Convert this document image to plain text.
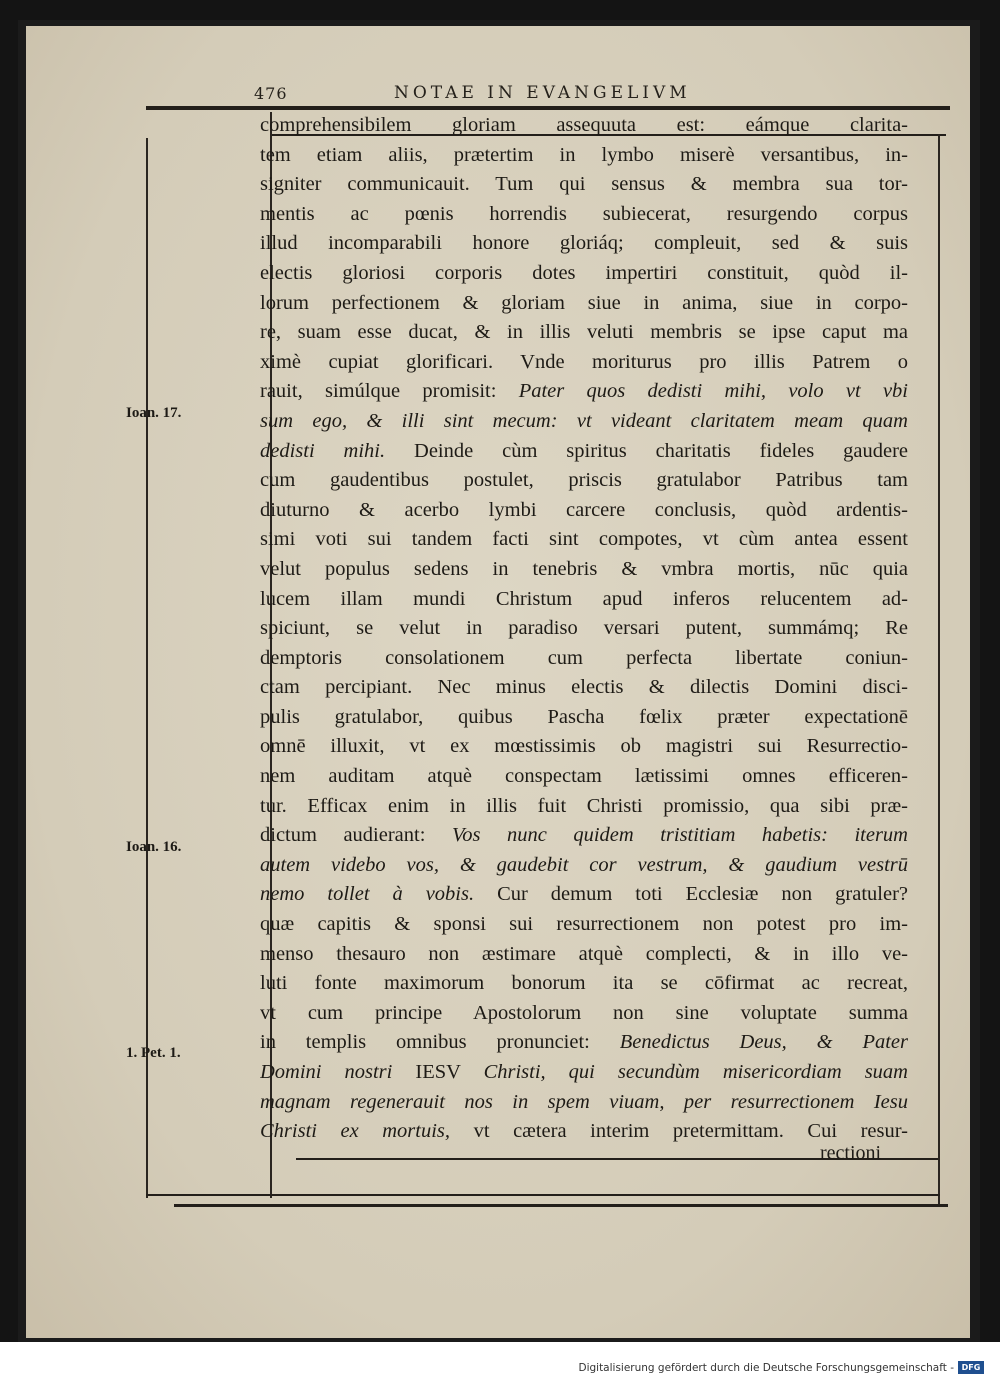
476	NOTAE IN EVANGELIVM
comprehensibilem gloriam assequuta est: eámque clarita-
tem etiam aliis, prætertim in lymbo miserè versantibus, in-
signiter communicauit. Tum qui sensus & membra sua tor-
mentis ac pœnis horrendis subiecerat, resurgendo corpus
illud incomparabili honore gloriáq; compleuit, sed & suis
electis gloriosi corporis dotes impertiri constituit, quòd il-
lorum perfectionem & gloriam siue in anima, siue in corpo-
re, suam esse ducat, & in illis veluti membris se ipse caput ma
ximè cupiat glorificari. Vnde moriturus pro illis Patrem o
rauit, simúlque promisit: Pater quos dedisti mihi, volo vt vbi
sum ego, & illi sint mecum: vt videant claritatem meam quam
dedisti mihi. Deinde cùm spiritus charitatis fideles gaudere
cum gaudentibus postulet, priscis gratulabor Patribus tam
diuturno & acerbo lymbi carcere conclusis, quòd ardentis-
simi voti sui tandem facti sint compotes, vt cùm antea essent
velut populus sedens in tenebris & vmbra mortis, nūc quia
lucem illam mundi Christum apud inferos relucentem ad-
spiciunt, se velut in paradiso versari putent, summámq; Re
demptoris consolationem cum perfecta libertate coniun-
ctam percipiant. Nec minus electis & dilectis Domini disci-
pulis gratulabor, quibus Pascha fœlix præter expectationē
omnē illuxit, vt ex mœstissimis ob magistri sui Resurrectio-
nem auditam atquè conspectam lætissimi omnes efficeren-
tur. Efficax enim in illis fuit Christi promissio, qua sibi præ-
dictum audierant: Vos nunc quidem tristitiam habetis: iterum
autem videbo vos, & gaudebit cor vestrum, & gaudium vestrū
nemo tollet à vobis. Cur demum toti Ecclesiæ non gratuler?
quæ capitis & sponsi sui resurrectionem non potest pro im-
menso thesauro non æstimare atquè complecti, & in illo ve-
luti fonte maximorum bonorum ita se cōfirmat ac recreat,
vt cum principe Apostolorum non sine voluptate summa
in templis omnibus pronunciet: Benedictus Deus, & Pater
Domini nostri IESV Christi, qui secundùm misericordiam suam
magnam regenerauit nos in spem viuam, per resurrectionem Iesu
Christi ex mortuis, vt cætera interim pretermittam. Cui resur-
Ioan. 17.
Ioan. 16.
1. Pet. 1.
rectioni
Digitalisierung gefördert durch die Deutsche Forschungsgemeinschaft - DFG
